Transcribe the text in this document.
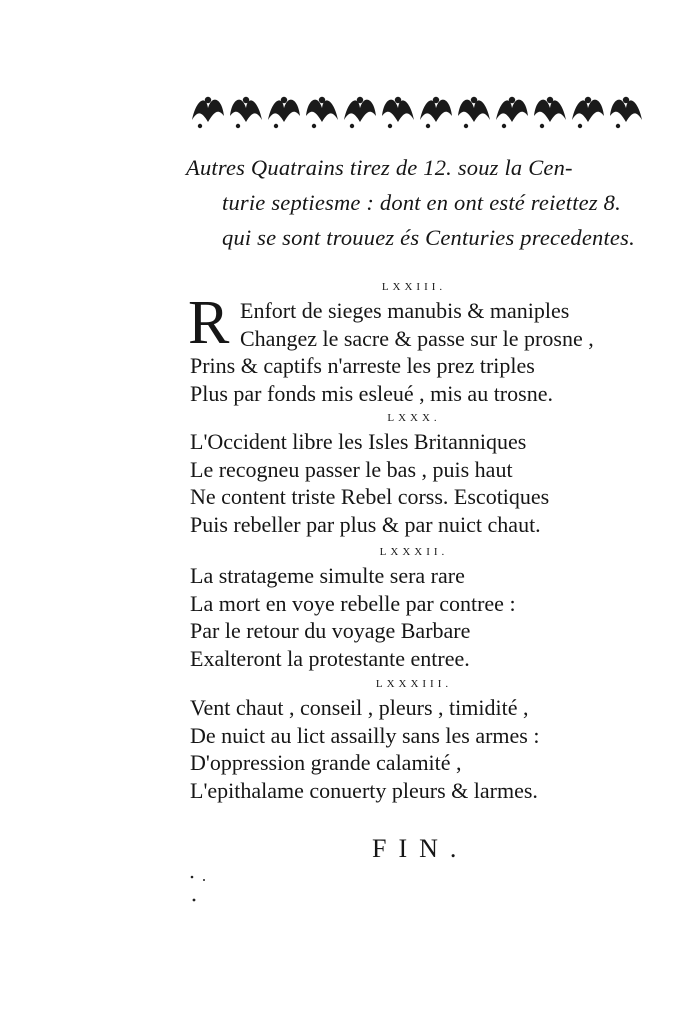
Autres Quatrains tirez de 12. souz la Cen-
turie septiesme : dont en ont esté reiettez 8.
qui se sont trouuez és Centuries precedentes.
LXXIII.
R Enfort de sieges manubis & maniples
Changez le sacre & passe sur le prosne ,
Prins & captifs n'arreste les prez triples
Plus par fonds mis esleué , mis au trosne.
LXXX.
L'Occident libre les Isles Britanniques
Le recogneu passer le bas , puis haut
Ne content triste Rebel corss. Escotiques
Puis rebeller par plus & par nuict chaut.
LXXXII.
La stratageme simulte sera rare
La mort en voye rebelle par contree :
Par le retour du voyage Barbare
Exalteront la protestante entree.
LXXXIII.
Vent chaut , conseil , pleurs , timidité ,
De nuict au lict assailly sans les armes :
D'oppression grande calamité ,
L'epithalame conuerty pleurs & larmes.
FIN.
